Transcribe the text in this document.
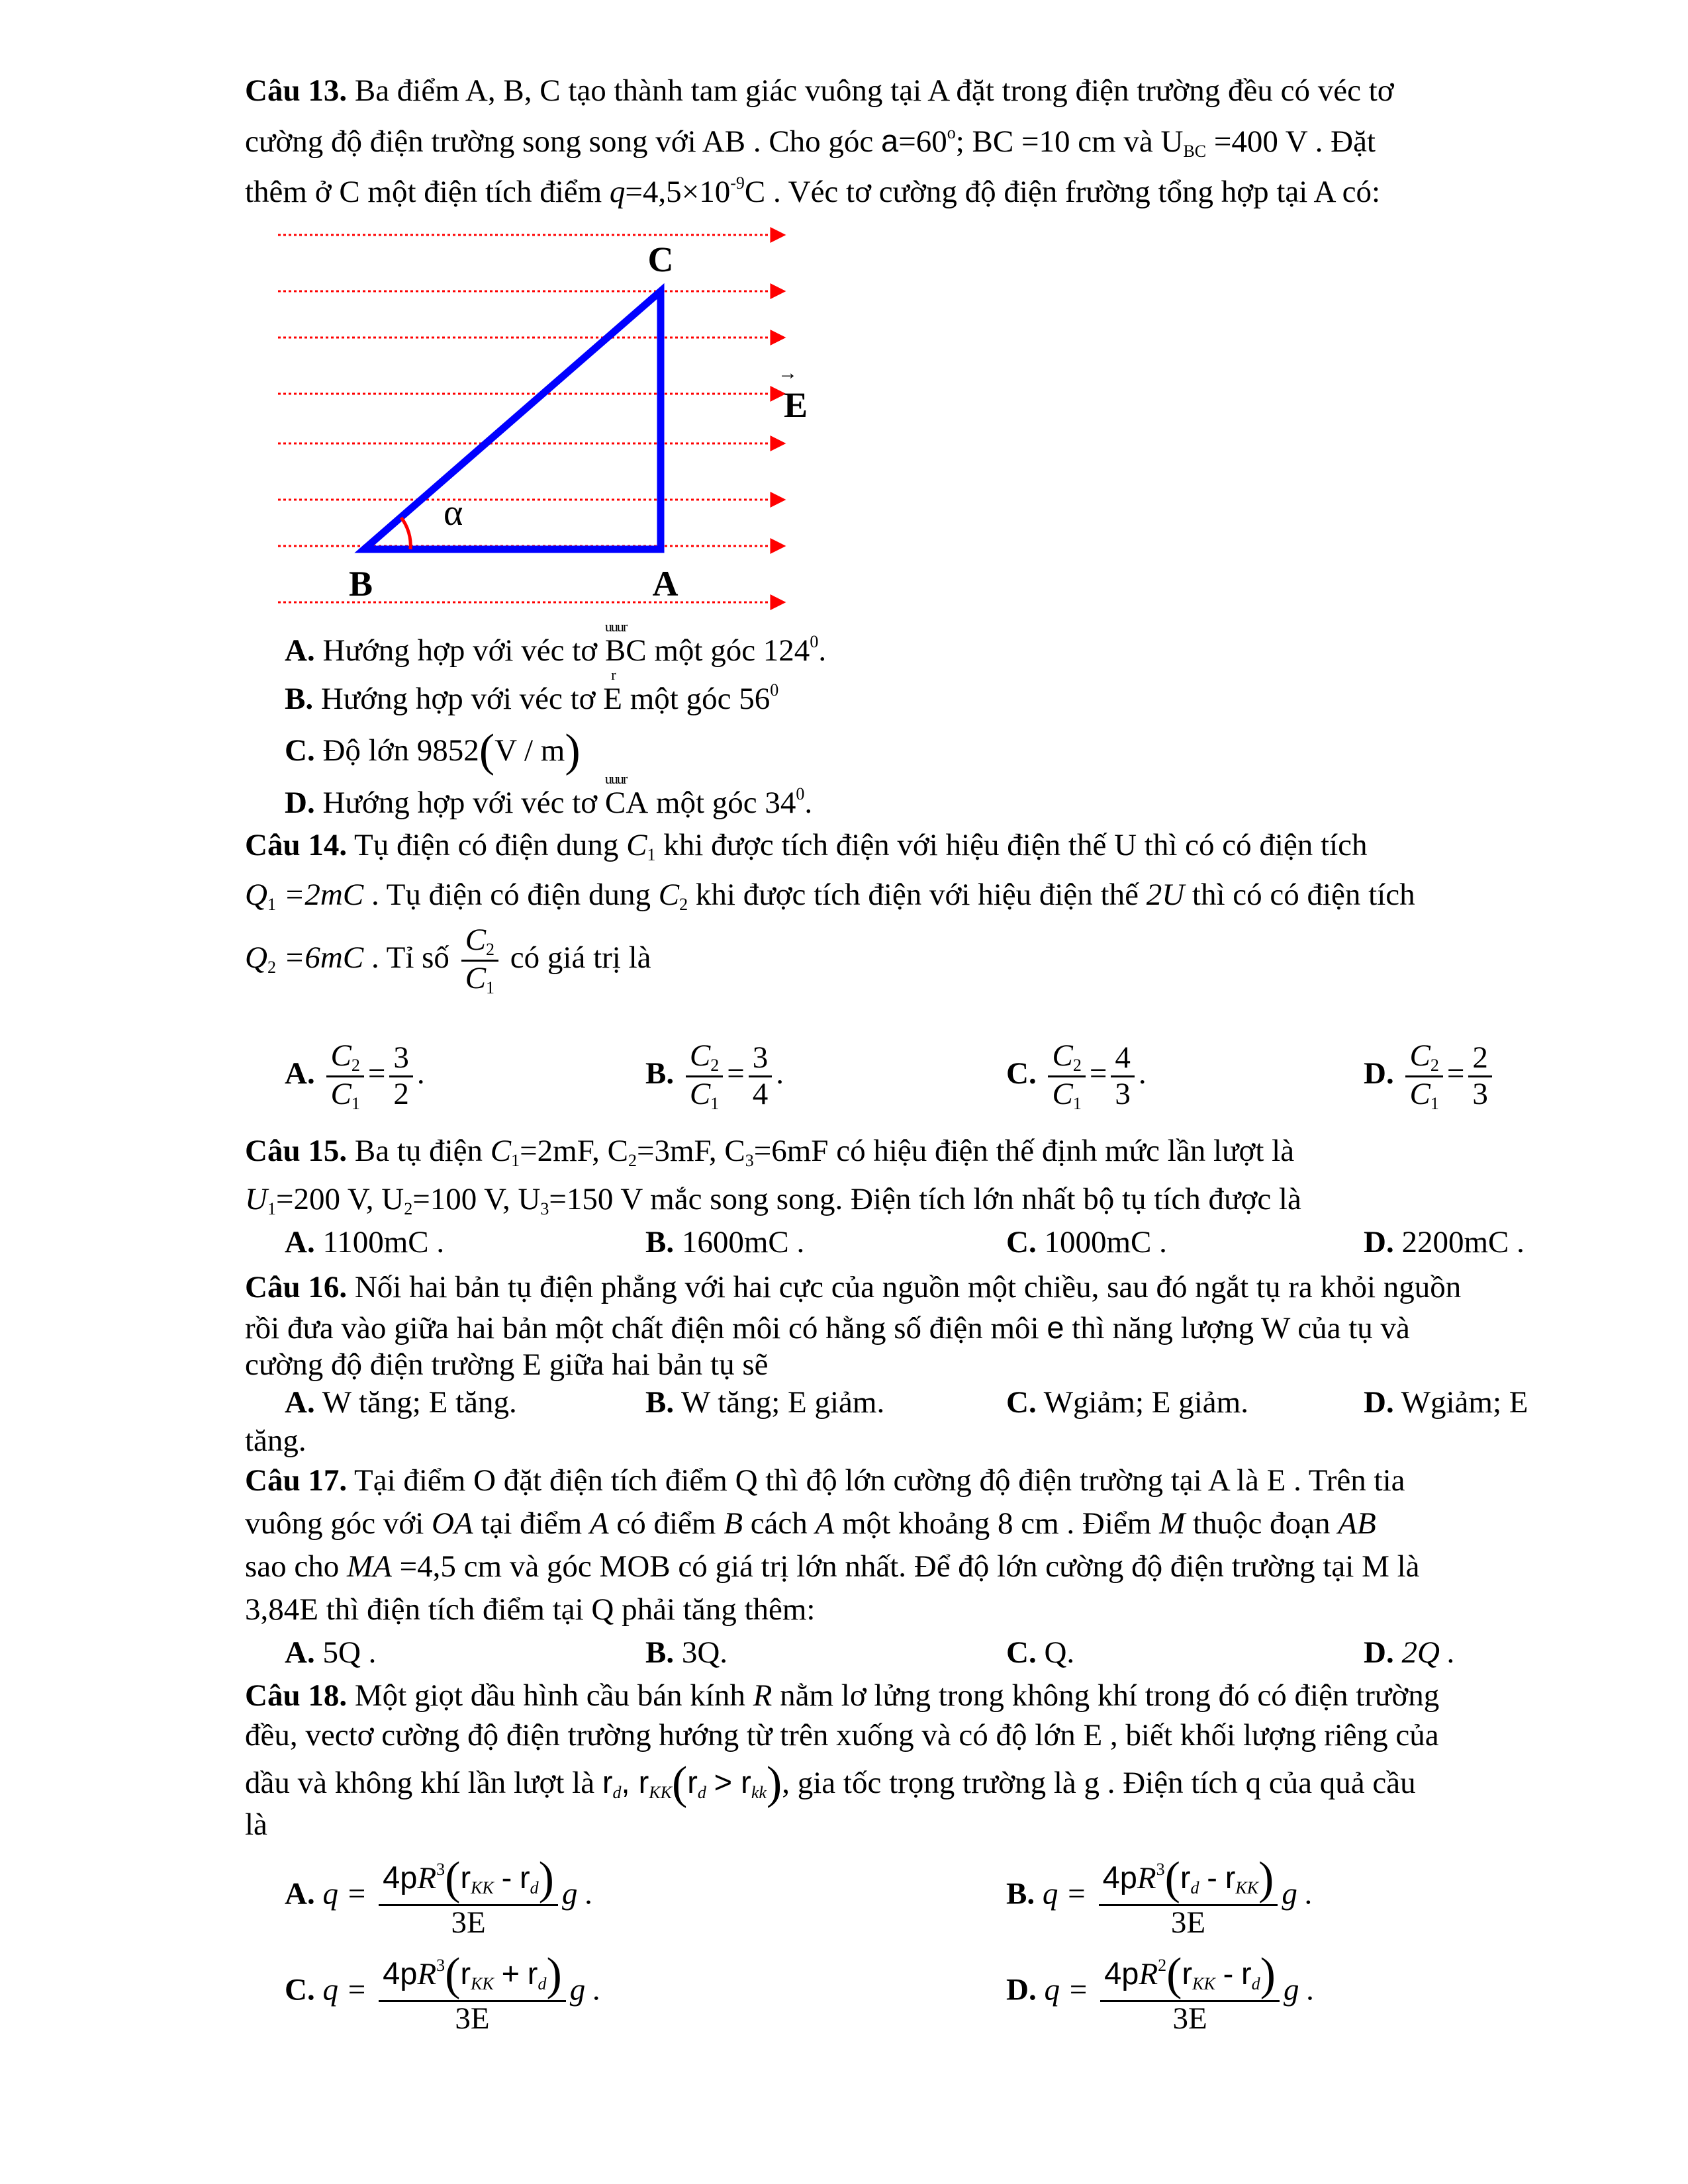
Câu 13. Ba điểm A, B, C tạo thành tam giác vuông tại A đặt trong điện trường đều có véc tơ
cường độ điện trường song song với AB . Cho góc $a=60^o$; BC =10 cm và $U_{BC} =400$ V . Đặt
thêm ở C một điện tích điểm $q=4,5\times 10^{-9}C$ . Véc tơ cường độ điện frường tổng hợp tại A có:
C
E
→
α
B	A
A. Hướng hợp với véc tơ
uuur
BC một góc $124^0$.
B. Hướng hợp với véc tơ
r
E một góc $56^0$
C. Độ lớn 9852(V / m)
D. Hướng hợp với véc tơ
uuur
CA một góc $34^0$.
Câu 14. Tụ điện có điện dung $C_1$ khi được tích điện với hiệu điện thế U thì có có điện tích
$Q_1 =2mC$ . Tụ điện có điện dung $C_2$ khi được tích điện với hiệu điện thế 2U thì có có điện tích
$Q_2 =6mC$ . Tỉ số $\frac{C_2}{C_1}$ có giá trị là
A. $\frac{C_2}{C_1} = \frac{3}{2}$ .	B. $\frac{C_2}{C_1} = \frac{3}{4}$ .	C. $\frac{C_2}{C_1} = \frac{4}{3}$ .	D. $\frac{C_2}{C_1} = \frac{2}{3}$
Câu 15. Ba tụ điện $C_1=2mF$, $C_2=3mF$, $C_3=6mF$ có hiệu điện thế định mức lần lượt là
$U_1=200$ V, $U_2=100$ V, $U_3=150$ V mắc song song. Điện tích lớn nhất bộ tụ tích được là
A. 1100mC .	B. 1600mC .	C. 1000mC .	D. 2200mC .
Câu 16. Nối hai bản tụ điện phẳng với hai cực của nguồn một chiều, sau đó ngắt tụ ra khỏi nguồn
rồi đưa vào giữa hai bản một chất điện môi có hằng số điện môi e thì năng lượng W của tụ và
cường độ điện trường E giữa hai bản tụ sẽ
A. W tăng; E tăng.	B. W tăng; E giảm.	C. Wgiảm; E giảm.	D. Wgiảm; E
tăng.
Câu 17. Tại điểm O đặt điện tích điểm Q thì độ lớn cường độ điện trường tại A là E . Trên tia
vuông góc với OA tại điểm A có điểm B cách A một khoảng 8 cm . Điểm M thuộc đoạn AB
sao cho MA =4,5 cm và góc MOB có giá trị lớn nhất. Để độ lớn cường độ điện trường tại M là
3,84E thì điện tích điểm tại Q phải tăng thêm:
A. 5Q .	B. 3Q.	C. Q.	D. 2Q .
Câu 18. Một giọt dầu hình cầu bán kính R nằm lơ lửng trong không khí trong đó có điện trường
đều, vectơ cường độ điện trường hướng từ trên xuống và có độ lớn E , biết khối lượng riêng của
dầu và không khí lần lượt là $r_d$, $r_{KK}(r_d > r_{kk})$, gia tốc trọng trường là g . Điện tích q của quả cầu
là
A. $q = \frac{4pR^3(r_{KK} - r_d)}{3E}$ g .	B. $q = \frac{4pR^3(r_d - r_{KK})}{3E}$ g .
C. $q = \frac{4pR^3(r_{KK} + r_d)}{3E}$ g .	D. $q = \frac{4pR^2(r_{KK} - r_d)}{3E}$ g .
